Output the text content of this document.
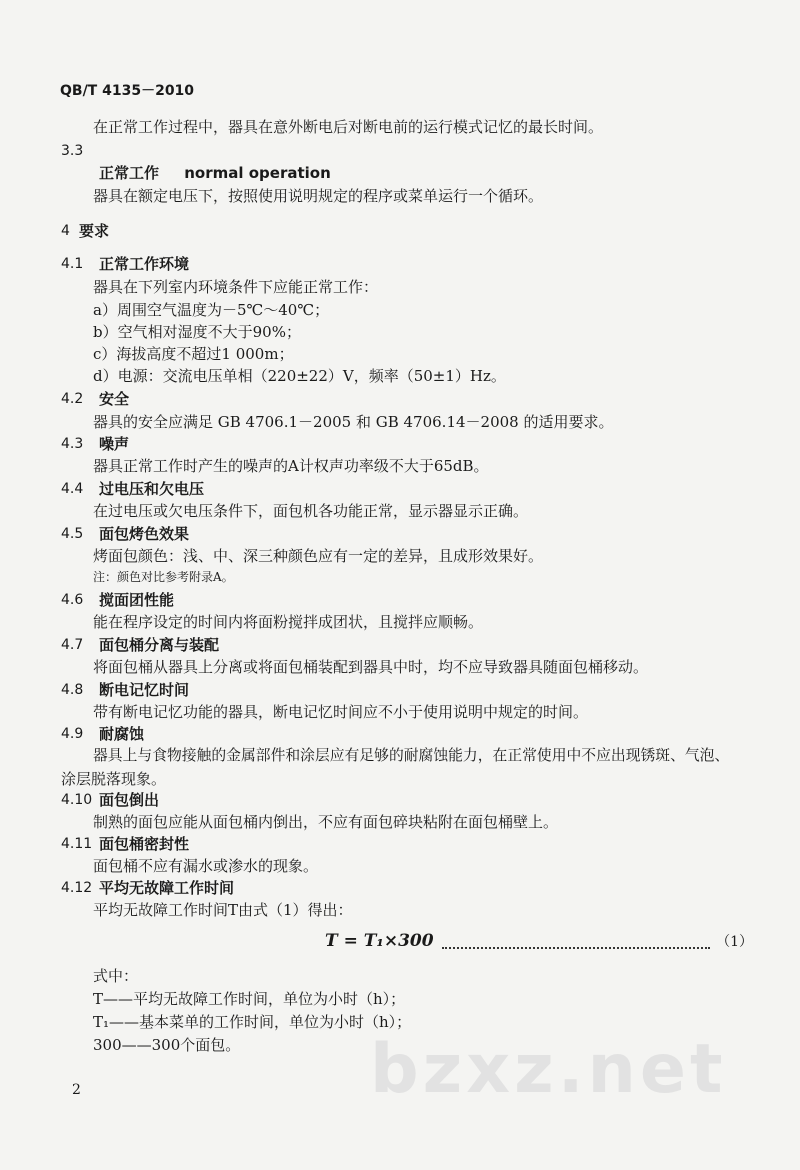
QB/T 4135－2010
在正常工作过程中，器具在意外断电后对断电前的运行模式记忆的最长时间。
3.3
正常工作 normal operation
器具在额定电压下，按照使用说明规定的程序或菜单运行一个循环。
4 要求
4.1 正常工作环境
器具在下列室内环境条件下应能正常工作：
a）周围空气温度为－5℃～40℃；
b）空气相对湿度不大于90%；
c）海拔高度不超过1 000m；
d）电源：交流电压单相（220±22）V，频率（50±1）Hz。
4.2 安全
器具的安全应满足 GB 4706.1－2005 和 GB 4706.14－2008 的适用要求。
4.3 噪声
器具正常工作时产生的噪声的A计权声功率级不大于65dB。
4.4 过电压和欠电压
在过电压或欠电压条件下，面包机各功能正常，显示器显示正确。
4.5 面包烤色效果
烤面包颜色：浅、中、深三种颜色应有一定的差异，且成形效果好。
注：颜色对比参考附录A。
4.6 搅面团性能
能在程序设定的时间内将面粉搅拌成团状，且搅拌应顺畅。
4.7 面包桶分离与装配
将面包桶从器具上分离或将面包桶装配到器具中时，均不应导致器具随面包桶移动。
4.8 断电记忆时间
带有断电记忆功能的器具，断电记忆时间应不小于使用说明中规定的时间。
4.9 耐腐蚀
器具上与食物接触的金属部件和涂层应有足够的耐腐蚀能力，在正常使用中不应出现锈斑、气泡、
涂层脱落现象。
4.10 面包倒出
制熟的面包应能从面包桶内倒出，不应有面包碎块粘附在面包桶壁上。
4.11 面包桶密封性
面包桶不应有漏水或渗水的现象。
4.12 平均无故障工作时间
平均无故障工作时间T由式（1）得出：
T = T₁×300	（1）
式中：
T——平均无故障工作时间，单位为小时（h）；
T₁——基本菜单的工作时间，单位为小时（h）；
300——300个面包。 bzxz.net
2
